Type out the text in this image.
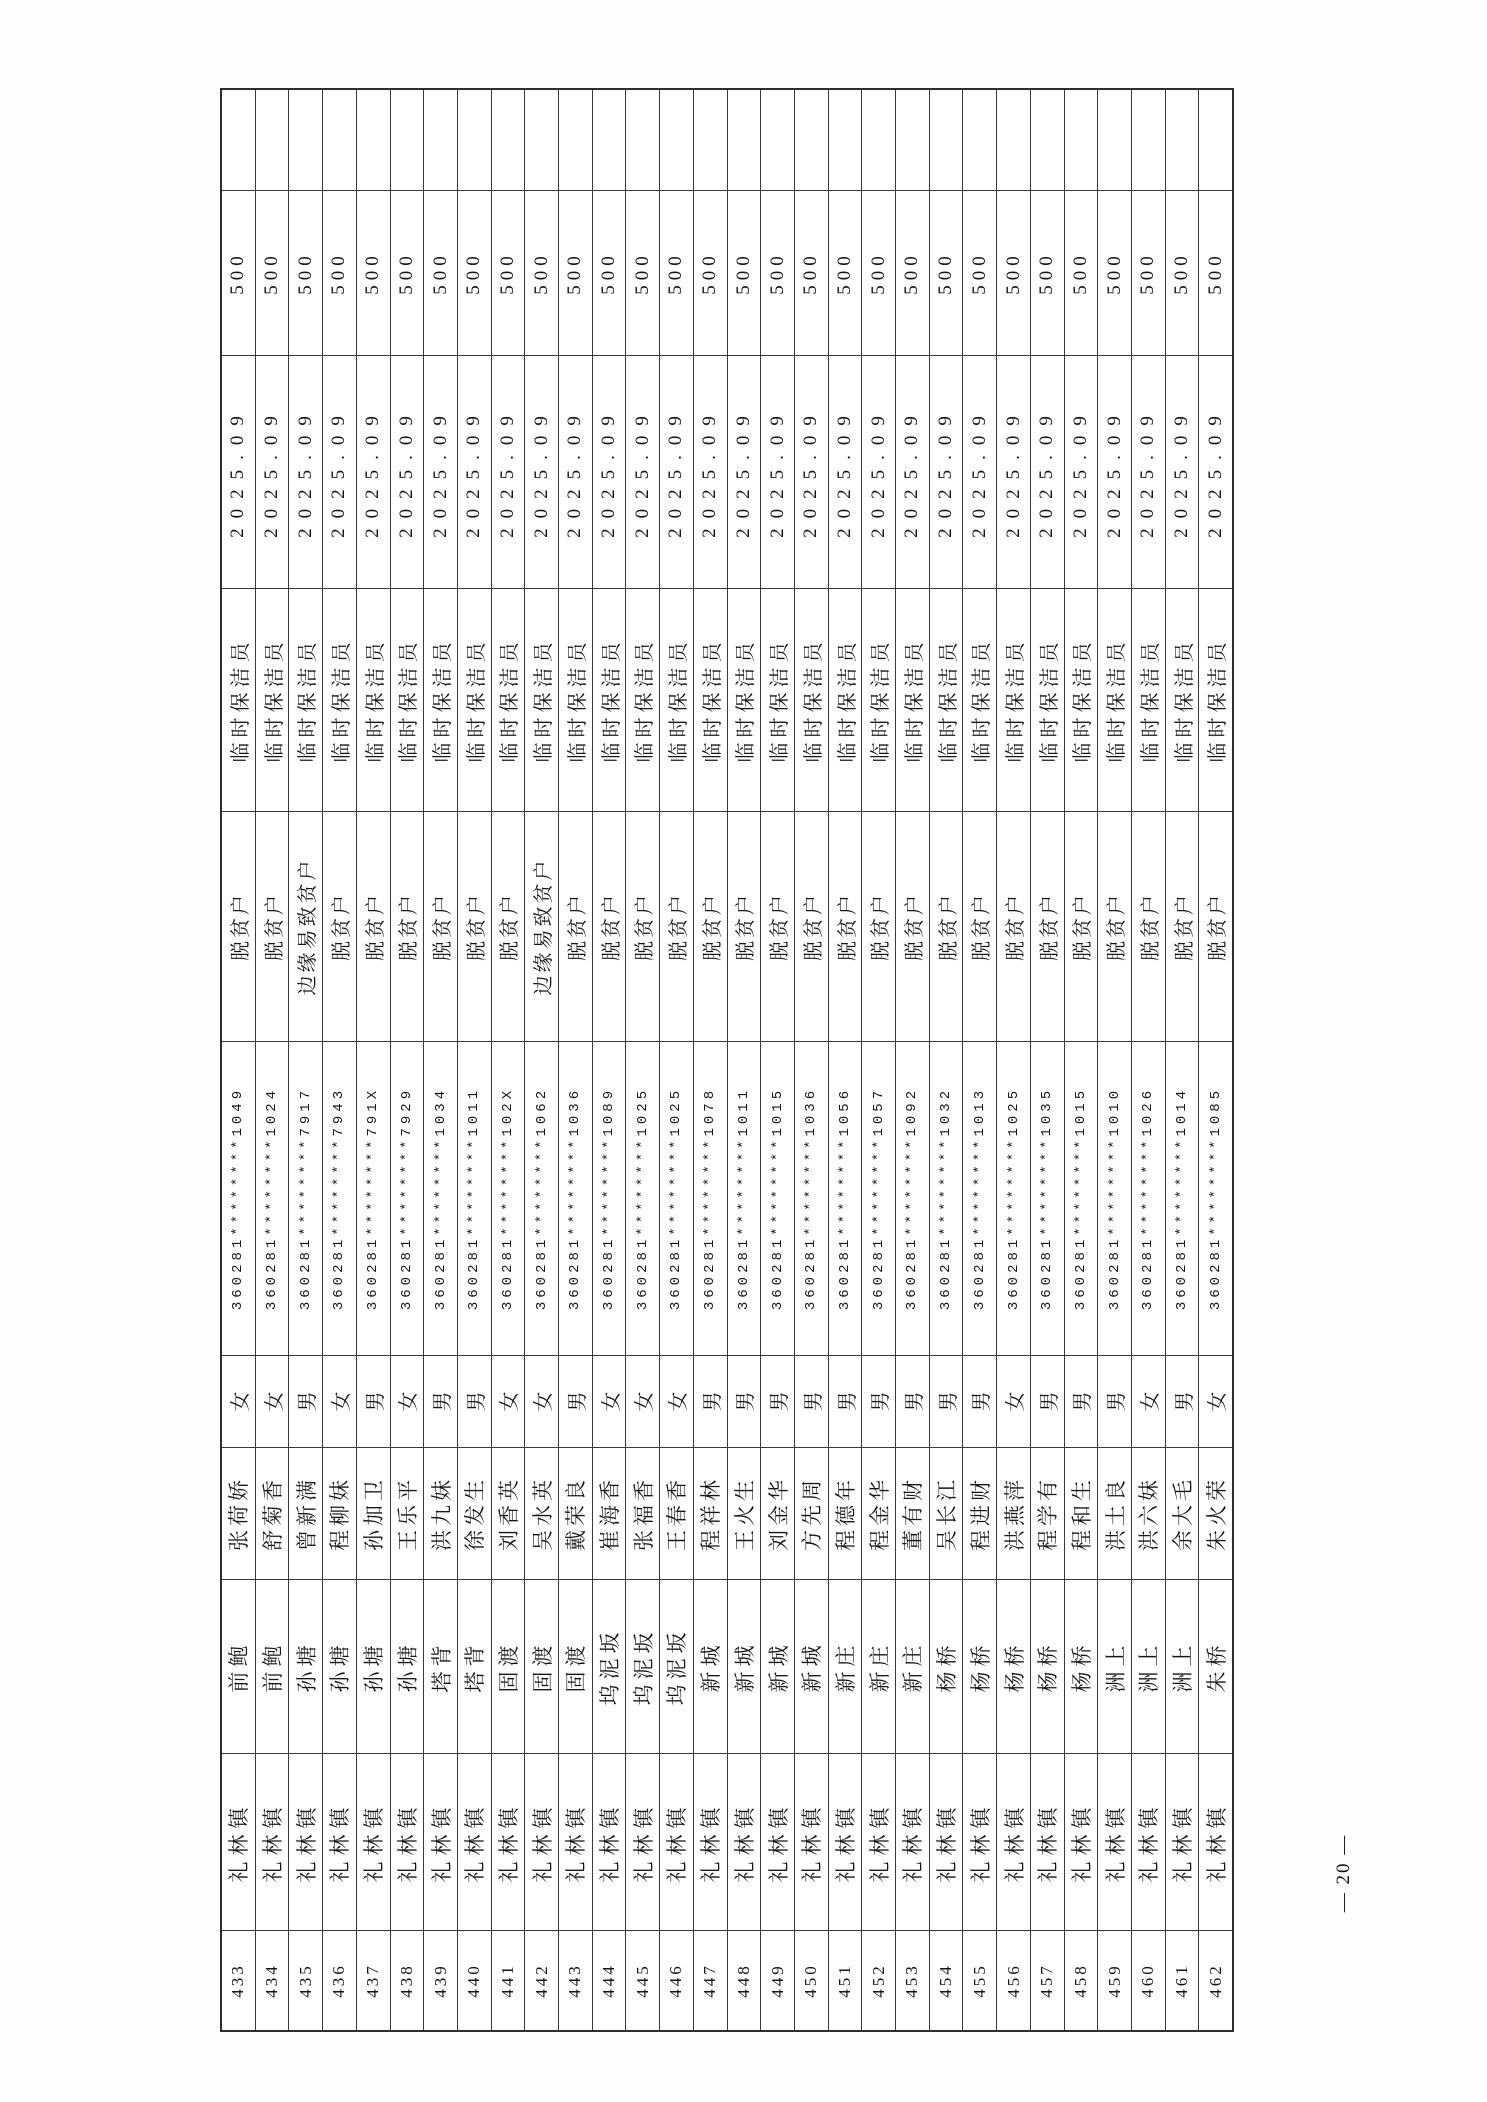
433
礼林镇
前鲍
张荷娇
女
360281********1049
脱贫户
临时保洁员
2025.09
500
434
礼林镇
前鲍
舒菊香
女
360281********1024
脱贫户
临时保洁员
2025.09
500
435
礼林镇
孙塘
曾新满
男
360281********7917
边缘易致贫户
临时保洁员
2025.09
500
436
礼林镇
孙塘
程柳妹
女
360281********7943
脱贫户
临时保洁员
2025.09
500
437
礼林镇
孙塘
孙加卫
男
360281********791X
脱贫户
临时保洁员
2025.09
500
438
礼林镇
孙塘
王乐平
女
360281********7929
脱贫户
临时保洁员
2025.09
500
439
礼林镇
塔背
洪九妹
男
360281********1034
脱贫户
临时保洁员
2025.09
500
440
礼林镇
塔背
徐发生
男
360281********1011
脱贫户
临时保洁员
2025.09
500
441
礼林镇
固渡
刘香英
女
360281********102X
脱贫户
临时保洁员
2025.09
500
442
礼林镇
固渡
吴水英
女
360281********1062
边缘易致贫户
临时保洁员
2025.09
500
443
礼林镇
固渡
戴荣良
男
360281********1036
脱贫户
临时保洁员
2025.09
500
444
礼林镇
坞泥坂
崔海香
女
360281********1089
脱贫户
临时保洁员
2025.09
500
445
礼林镇
坞泥坂
张福香
女
360281********1025
脱贫户
临时保洁员
2025.09
500
446
礼林镇
坞泥坂
王春香
女
360281********1025
脱贫户
临时保洁员
2025.09
500
447
礼林镇
新城
程祥林
男
360281********1078
脱贫户
临时保洁员
2025.09
500
448
礼林镇
新城
王火生
男
360281********1011
脱贫户
临时保洁员
2025.09
500
449
礼林镇
新城
刘金华
男
360281********1015
脱贫户
临时保洁员
2025.09
500
450
礼林镇
新城
方先周
男
360281********1036
脱贫户
临时保洁员
2025.09
500
451
礼林镇
新庄
程德年
男
360281********1056
脱贫户
临时保洁员
2025.09
500
452
礼林镇
新庄
程金华
男
360281********1057
脱贫户
临时保洁员
2025.09
500
453
礼林镇
新庄
董有财
男
360281********1092
脱贫户
临时保洁员
2025.09
500
454
礼林镇
杨桥
吴长江
男
360281********1032
脱贫户
临时保洁员
2025.09
500
455
礼林镇
杨桥
程进财
男
360281********1013
脱贫户
临时保洁员
2025.09
500
456
礼林镇
杨桥
洪燕萍
女
360281********1025
脱贫户
临时保洁员
2025.09
500
457
礼林镇
杨桥
程学有
男
360281********1035
脱贫户
临时保洁员
2025.09
500
458
礼林镇
杨桥
程和生
男
360281********1015
脱贫户
临时保洁员
2025.09
500
459
礼林镇
洲上
洪土良
男
360281********1010
脱贫户
临时保洁员
2025.09
500
460
礼林镇
洲上
洪六妹
女
360281********1026
脱贫户
临时保洁员
2025.09
500
461
礼林镇
洲上
余大毛
男
360281********1014
脱贫户
临时保洁员
2025.09
500
462
礼林镇
朱桥
朱火荣
女
360281********1085
脱贫户
临时保洁员
2025.09
500
— 20 —
